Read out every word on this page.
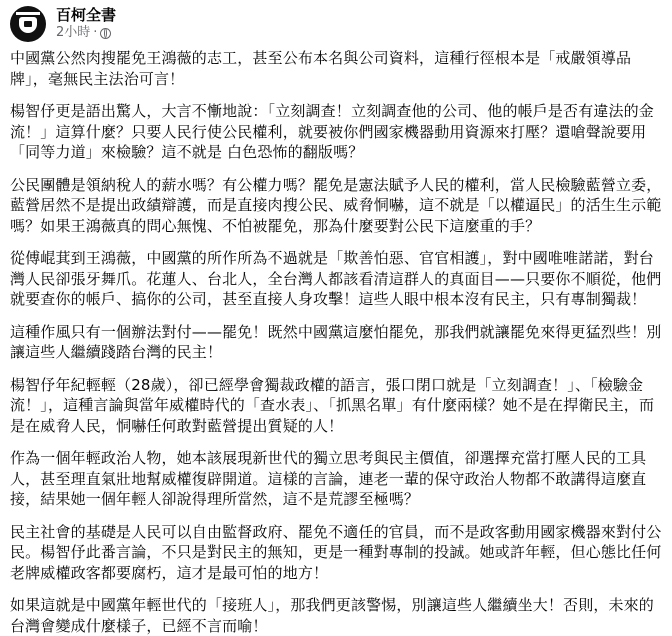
百柯全書
2小時 ·

中國黨公然肉搜罷免王鴻薇的志工，甚至公布本名與公司資料，這種行徑根本是「戒嚴領導品牌」，毫無民主法治可言！

楊智伃更是語出驚人，大言不慚地說：「立刻調查！立刻調查他的公司、他的帳戶是否有違法的金流！」這算什麼？只要人民行使公民權利，就要被你們國家機器動用資源來打壓？還嗆聲說要用「同等力道」來檢驗？這不就是 白色恐怖的翻版嗎？

公民團體是領納稅人的薪水嗎？有公權力嗎？罷免是憲法賦予人民的權利，當人民檢驗藍營立委，藍營居然不是提出政績辯護，而是直接肉搜公民、威脅恫嚇，這不就是「以權逼民」的活生生示範嗎？如果王鴻薇真的問心無愧、不怕被罷免，那為什麼要對公民下這麼重的手？

從傅崐萁到王鴻薇，中國黨的所作所為不過就是「欺善怕惡、官官相護」，對中國唯唯諾諾，對台灣人民卻張牙舞爪。花蓮人、台北人，全台灣人都該看清這群人的真面目——只要你不順從，他們就要查你的帳戶、搞你的公司，甚至直接人身攻擊！這些人眼中根本沒有民主，只有專制獨裁！

這種作風只有一個辦法對付——罷免！既然中國黨這麼怕罷免，那我們就讓罷免來得更猛烈些！別讓這些人繼續踐踏台灣的民主！

楊智伃年紀輕輕（28歲），卻已經學會獨裁政權的語言，張口閉口就是「立刻調查！」、「檢驗金流！」，這種言論與當年威權時代的「查水表」、「抓黑名單」有什麼兩樣？她不是在捍衛民主，而是在威脅人民，恫嚇任何敢對藍營提出質疑的人！

作為一個年輕政治人物，她本該展現新世代的獨立思考與民主價值，卻選擇充當打壓人民的工具人，甚至理直氣壯地幫威權復辟開道。這樣的言論，連老一輩的保守政治人物都不敢講得這麼直接，結果她一個年輕人卻說得理所當然，這不是荒謬至極嗎？

民主社會的基礎是人民可以自由監督政府、罷免不適任的官員，而不是政客動用國家機器來對付公民。楊智伃此番言論，不只是對民主的無知，更是一種對專制的投誠。她或許年輕，但心態比任何老牌威權政客都要腐朽，這才是最可怕的地方！

如果這就是中國黨年輕世代的「接班人」，那我們更該警惕，別讓這些人繼續坐大！否則，未來的台灣會變成什麼樣子，已經不言而喻！
